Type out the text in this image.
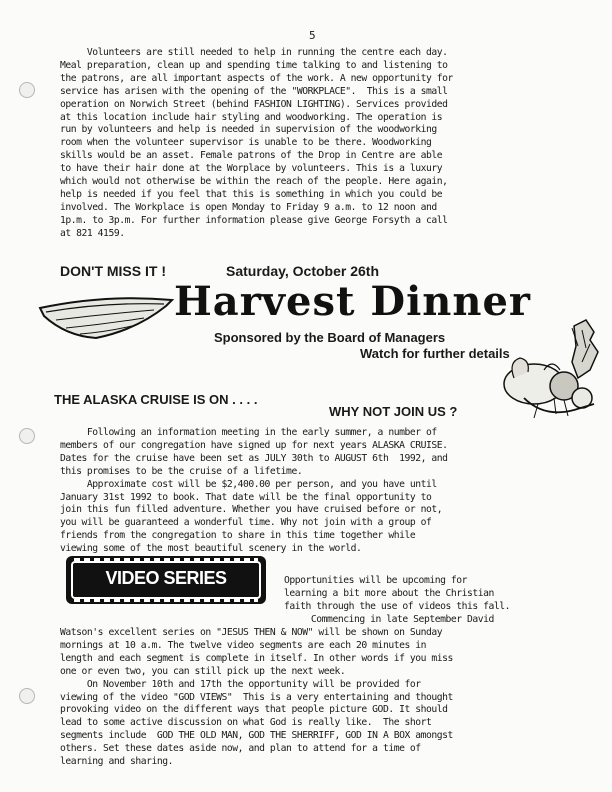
5
Volunteers are still needed to help in running the centre each day.
Meal preparation, clean up and spending time talking to and listening to
the patrons, are all important aspects of the work. A new opportunity for
service has arisen with the opening of the "WORKPLACE".  This is a small
operation on Norwich Street (behind FASHION LIGHTING). Services provided
at this location include hair styling and woodworking. The operation is
run by volunteers and help is needed in supervision of the woodworking
room when the volunteer supervisor is unable to be there. Woodworking
skills would be an asset. Female patrons of the Drop in Centre are able
to have their hair done at the Worplace by volunteers. This is a luxury
which would not otherwise be within the reach of the people. Here again,
help is needed if you feel that this is something in which you could be
involved. The Workplace is open Monday to Friday 9 a.m. to 12 noon and
1p.m. to 3p.m. For further information please give George Forsyth a call
at 821 4159.
DON'T MISS IT !	Saturday, October 26th
Harvest Dinner
Sponsored by the Board of Managers
Watch for further details
THE ALASKA CRUISE IS ON . . . .
WHY NOT JOIN US ?
Following an information meeting in the early summer, a number of
members of our congregation have signed up for next years ALASKA CRUISE.
Dates for the cruise have been set as JULY 30th to AUGUST 6th  1992, and
this promises to be the cruise of a lifetime.
Approximate cost will be $2,400.00 per person, and you have until
January 31st 1992 to book. That date will be the final opportunity to
join this fun filled adventure. Whether you have cruised before or not,
you will be guaranteed a wonderful time. Why not join with a group of
friends from the congregation to share in this time together while
viewing some of the most beautiful scenery in the world.
VIDEO SERIES	Opportunities will be upcoming for
learning a bit more about the Christian
faith through the use of videos this fall.
Commencing in late September David
Watson's excellent series on "JESUS THEN & NOW" will be shown on Sunday
mornings at 10 a.m. The twelve video segments are each 20 minutes in
length and each segment is complete in itself. In other words if you miss
one or even two, you can still pick up the next week.
On November 10th and 17th the opportunity will be provided for
viewing of the video "GOD VIEWS"  This is a very entertaining and thought
provoking video on the different ways that people picture GOD. It should
lead to some active discussion on what God is really like.  The short
segments include  GOD THE OLD MAN, GOD THE SHERRIFF, GOD IN A BOX amongst
others. Set these dates aside now, and plan to attend for a time of
learning and sharing.
